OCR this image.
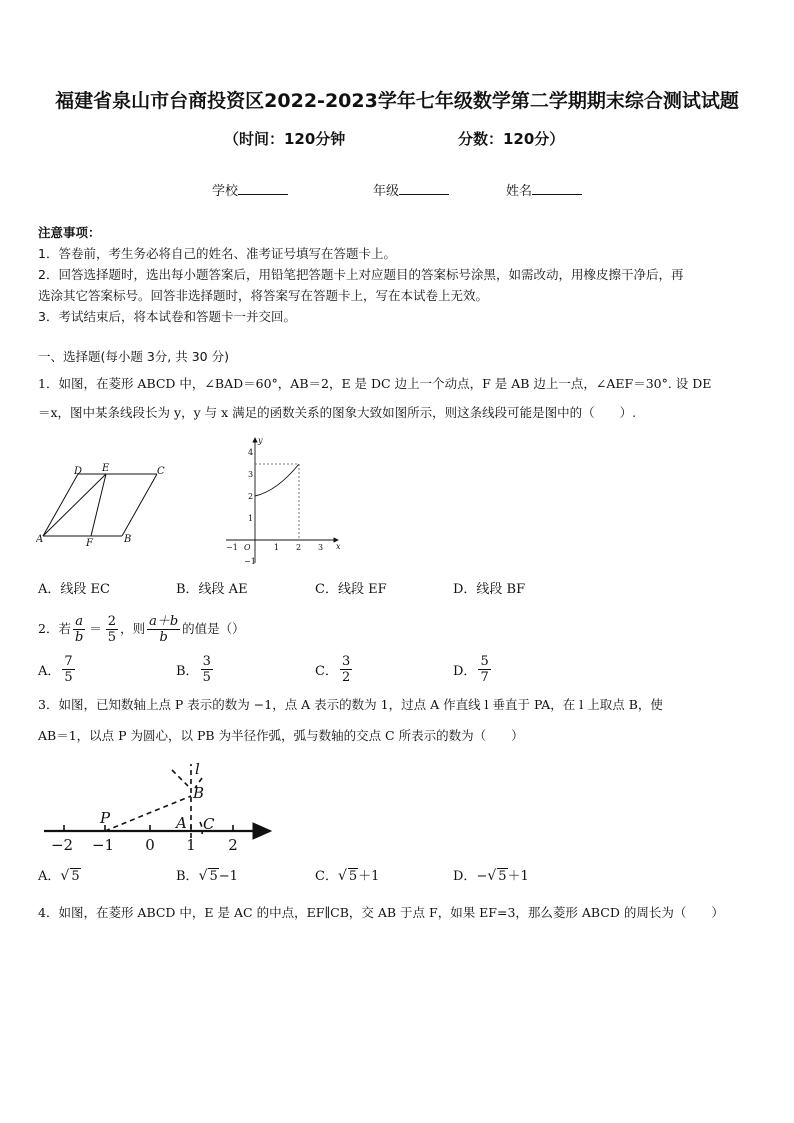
福建省泉山市台商投资区2022-2023学年七年级数学第二学期期末综合测试试题
（时间：120分钟	分数：120分）
学校	年级	姓名
注意事项：
1．答卷前，考生务必将自己的姓名、准考证号填写在答题卡上。
2．回答选择题时，选出每小题答案后，用铅笔把答题卡上对应题目的答案标号涂黑，如需改动，用橡皮擦干净后，再
选涂其它答案标号。回答非选择题时，将答案写在答题卡上，写在本试卷上无效。
3．考试结束后，将本试卷和答题卡一并交回。
一、选择题(每小题 3分, 共 30 分)
1．如图，在菱形 ABCD 中，∠BAD＝60°，AB＝2，E 是 DC 边上一个动点，F 是 AB 边上一点，∠AEF＝30°. 设 DE
＝x，图中某条线段长为 y，y 与 x 满足的函数关系的图象大致如图所示，则这条线段可能是图中的（　　）.
A	B
C
D E
F
y
x
O
−1	1 2 3
4
3
2
1
−1
A．线段 EC	B．线段 AE	C．线段 EF	D．线段 BF
2．若 $\frac{a}{b} = \frac{2}{5}$ ，则 $\frac{a+b}{b}$ 的值是（）
A． $\frac{7}{5}$	B． $\frac{3}{5}$	C． $\frac{3}{2}$	D． $\frac{5}{7}$
3．如图，已知数轴上点 P 表示的数为 −1，点 A 表示的数为 1，过点 A 作直线 l 垂直于 PA，在 l 上取点 B，使
AB＝1，以点 P 为圆心，以 PB 为半径作弧，弧与数轴的交点 C 所表示的数为（　　）
l
B
P	A C
−2 −1 0 1 2
A．√ 5	B．√ 5−1	C．√ 5＋1	D．−√ 5＋1
4．如图，在菱形 ABCD 中，E 是 AC 的中点，EF∥CB，交 AB 于点 F，如果 EF=3，那么菱形 ABCD 的周长为（　　）
